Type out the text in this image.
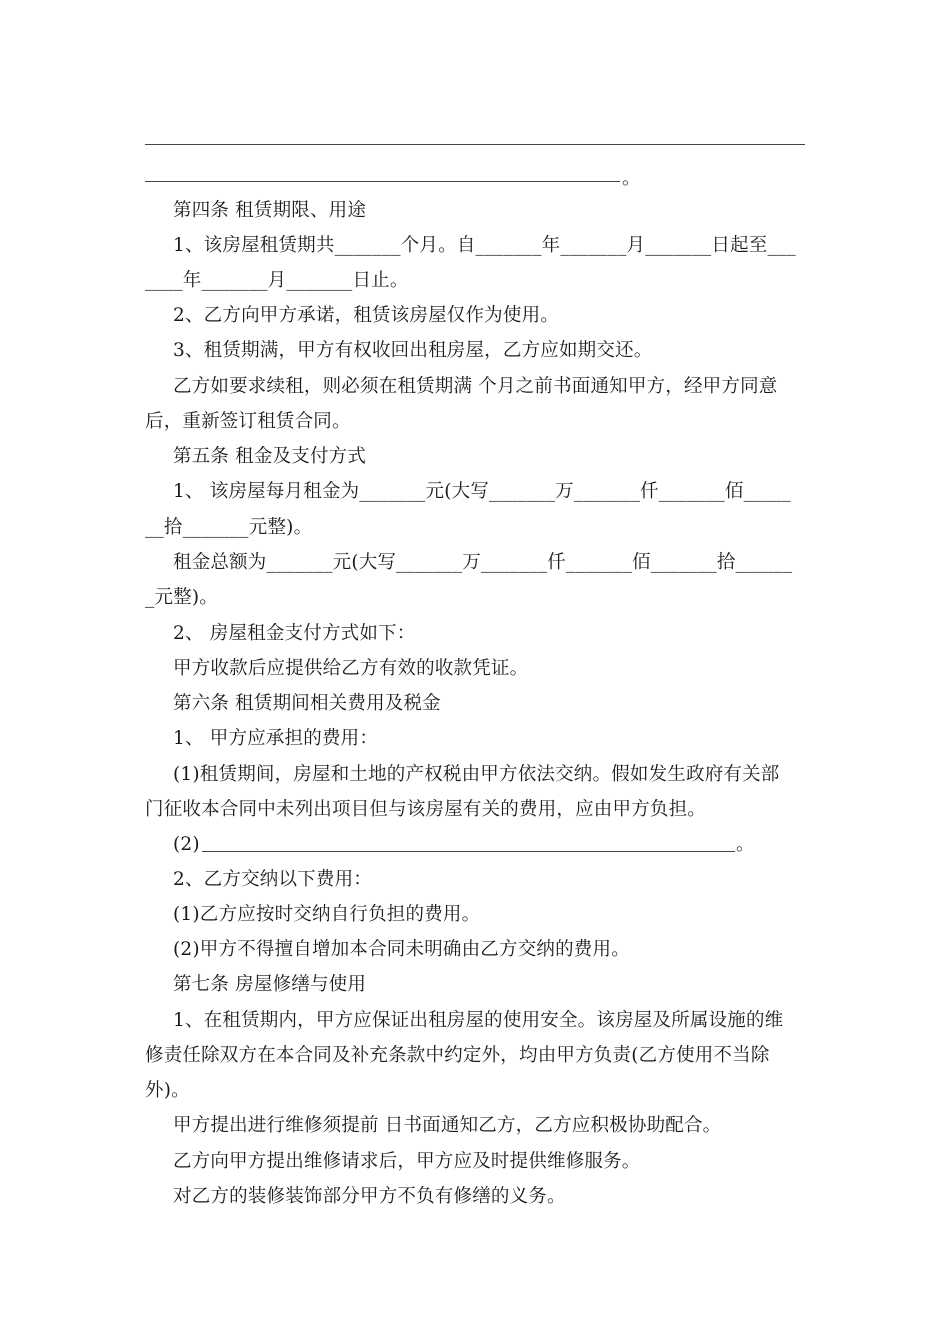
。
第四条 租赁期限、用途
1、该房屋租赁期共_______个月。自_______年_______月_______日起至___
____年_______月_______日止。
2、乙方向甲方承诺，租赁该房屋仅作为使用。
3、租赁期满，甲方有权收回出租房屋，乙方应如期交还。
乙方如要求续租，则必须在租赁期满 个月之前书面通知甲方，经甲方同意
后，重新签订租赁合同。
第五条 租金及支付方式
1、 该房屋每月租金为_______元(大写_______万_______仟_______佰_____
__拾_______元整)。
租金总额为_______元(大写_______万_______仟_______佰_______拾______
_元整)。
2、 房屋租金支付方式如下：
甲方收款后应提供给乙方有效的收款凭证。
第六条 租赁期间相关费用及税金
1、 甲方应承担的费用：
(1)租赁期间，房屋和土地的产权税由甲方依法交纳。假如发生政府有关部
门征收本合同中未列出项目但与该房屋有关的费用，应由甲方负担。
(2)	。
2、乙方交纳以下费用：
(1)乙方应按时交纳自行负担的费用。
(2)甲方不得擅自增加本合同未明确由乙方交纳的费用。
第七条 房屋修缮与使用
1、在租赁期内，甲方应保证出租房屋的使用安全。该房屋及所属设施的维
修责任除双方在本合同及补充条款中约定外，均由甲方负责(乙方使用不当除
外)。
甲方提出进行维修须提前 日书面通知乙方，乙方应积极协助配合。
乙方向甲方提出维修请求后，甲方应及时提供维修服务。
对乙方的装修装饰部分甲方不负有修缮的义务。
